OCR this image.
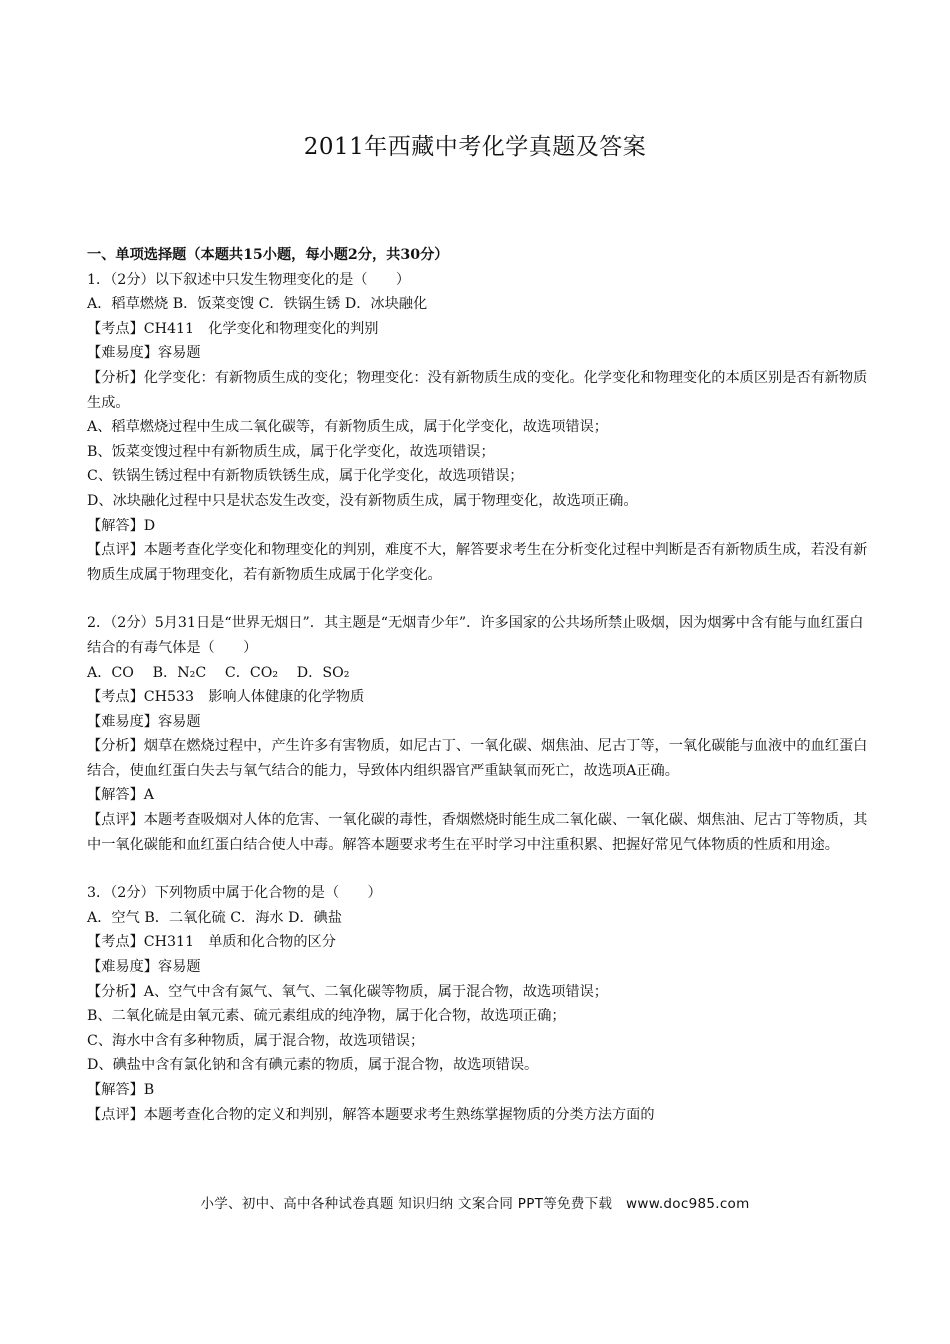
2011年西藏中考化学真题及答案
一、单项选择题（本题共15小题，每小题2分，共30分）
1．（2分）以下叙述中只发生物理变化的是（　　）
A．稻草燃烧 B．饭菜变馊 C．铁锅生锈 D．冰块融化
【考点】CH411　化学变化和物理变化的判别
【难易度】容易题
【分析】化学变化：有新物质生成的变化；物理变化：没有新物质生成的变化。化学变化和物理变化的本质区别是否有新物质生成。
A、稻草燃烧过程中生成二氧化碳等，有新物质生成，属于化学变化，故选项错误；
B、饭菜变馊过程中有新物质生成，属于化学变化，故选项错误；
C、铁锅生锈过程中有新物质铁锈生成，属于化学变化，故选项错误；
D、冰块融化过程中只是状态发生改变，没有新物质生成，属于物理变化，故选项正确。
【解答】D
【点评】本题考查化学变化和物理变化的判别，难度不大，解答要求考生在分析变化过程中判断是否有新物质生成，若没有新物质生成属于物理变化，若有新物质生成属于化学变化。
2．（2分）5月31日是“世界无烟日”．其主题是“无烟青少年”．许多国家的公共场所禁止吸烟，因为烟雾中含有能与血红蛋白结合的有毒气体是（　　）
A．CO　 B．N₂C　 C．CO₂　 D．SO₂
【考点】CH533　影响人体健康的化学物质
【难易度】容易题
【分析】烟草在燃烧过程中，产生许多有害物质，如尼古丁、一氧化碳、烟焦油、尼古丁等，一氧化碳能与血液中的血红蛋白结合，使血红蛋白失去与氧气结合的能力，导致体内组织器官严重缺氧而死亡，故选项A正确。
【解答】A
【点评】本题考查吸烟对人体的危害、一氧化碳的毒性，香烟燃烧时能生成二氧化碳、一氧化碳、烟焦油、尼古丁等物质，其中一氧化碳能和血红蛋白结合使人中毒。解答本题要求考生在平时学习中注重积累、把握好常见气体物质的性质和用途。
3．（2分）下列物质中属于化合物的是（　　）
A．空气 B．二氧化硫 C．海水 D．碘盐
【考点】CH311　单质和化合物的区分
【难易度】容易题
【分析】A、空气中含有氮气、氧气、二氧化碳等物质，属于混合物，故选项错误；
B、二氧化硫是由氧元素、硫元素组成的纯净物，属于化合物，故选项正确；
C、海水中含有多种物质，属于混合物，故选项错误；
D、碘盐中含有氯化钠和含有碘元素的物质，属于混合物，故选项错误。
【解答】B
【点评】本题考查化合物的定义和判别，解答本题要求考生熟练掌握物质的分类方法方面的
小学、初中、高中各种试卷真题 知识归纳 文案合同 PPT等免费下载　www.doc985.com
